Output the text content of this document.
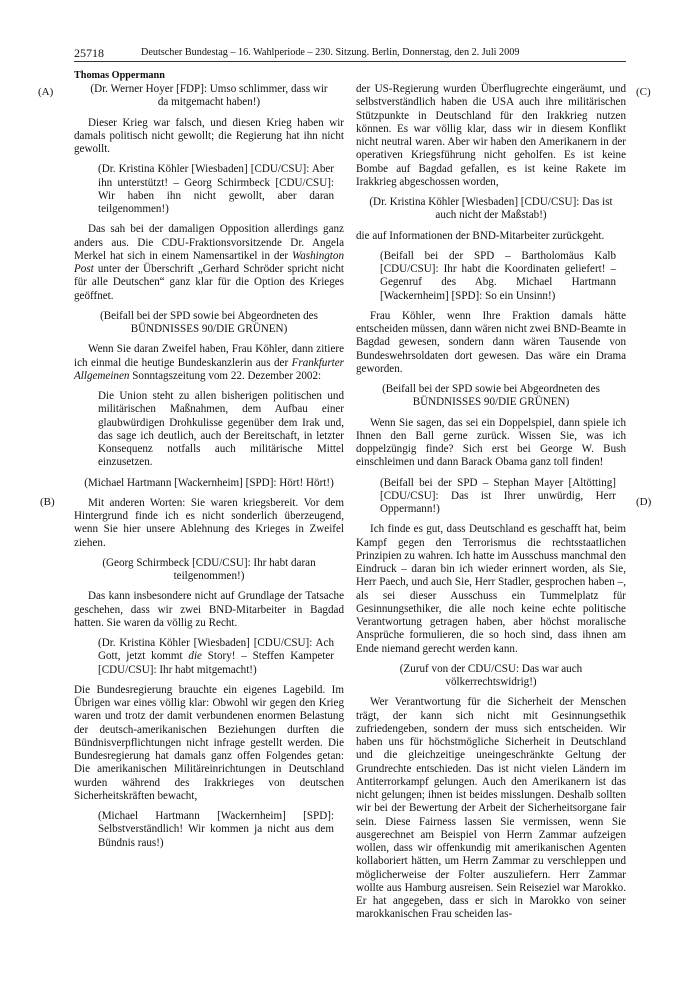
25718	Deutscher Bundestag – 16. Wahlperiode – 230. Sitzung. Berlin, Donnerstag, den 2. Juli 2009
Thomas Oppermann
(A)
(B)
(C)
(D)

(Dr. Werner Hoyer [FDP]: Umso schlimmer, dass wir da mitgemacht haben!)

Dieser Krieg war falsch, und diesen Krieg haben wir damals politisch nicht gewollt; die Regierung hat ihn nicht gewollt.

(Dr. Kristina Köhler [Wiesbaden] [CDU/CSU]: Aber ihn unterstützt! – Georg Schirmbeck [CDU/CSU]: Wir haben ihn nicht gewollt, aber daran teilgenommen!)

Das sah bei der damaligen Opposition allerdings ganz anders aus. Die CDU-Fraktionsvorsitzende Dr. Angela Merkel hat sich in einem Namensartikel in der Washington Post unter der Überschrift „Gerhard Schröder spricht nicht für alle Deutschen“ ganz klar für die Option des Krieges geöffnet.

(Beifall bei der SPD sowie bei Abgeordneten des BÜNDNISSES 90/DIE GRÜNEN)

Wenn Sie daran Zweifel haben, Frau Köhler, dann zitiere ich einmal die heutige Bundeskanzlerin aus der Frankfurter Allgemeinen Sonntagszeitung vom 22. Dezember 2002:

Die Union steht zu allen bisherigen politischen und militärischen Maßnahmen, dem Aufbau einer glaubwürdigen Drohkulisse gegenüber dem Irak und, das sage ich deutlich, auch der Bereitschaft, in letzter Konsequenz notfalls auch militärische Mittel einzusetzen.

(Michael Hartmann [Wackernheim] [SPD]: Hört! Hört!)

Mit anderen Worten: Sie waren kriegsbereit. Vor dem Hintergrund finde ich es nicht sonderlich überzeugend, wenn Sie hier unsere Ablehnung des Krieges in Zweifel ziehen.

(Georg Schirmbeck [CDU/CSU]: Ihr habt daran teilgenommen!)

Das kann insbesondere nicht auf Grundlage der Tatsache geschehen, dass wir zwei BND-Mitarbeiter in Bagdad hatten. Sie waren da völlig zu Recht.

(Dr. Kristina Köhler [Wiesbaden] [CDU/CSU]: Ach Gott, jetzt kommt die Story! – Steffen Kampeter [CDU/CSU]: Ihr habt mitgemacht!)

Die Bundesregierung brauchte ein eigenes Lagebild. Im Übrigen war eines völlig klar: Obwohl wir gegen den Krieg waren und trotz der damit verbundenen enormen Belastung der deutsch-amerikanischen Beziehungen durften die Bündnisverpflichtungen nicht infrage gestellt werden. Die Bundesregierung hat damals ganz offen Folgendes getan: Die amerikanischen Militäreinrichtungen in Deutschland wurden während des Irakkrieges von deutschen Sicherheitskräften bewacht,

(Michael Hartmann [Wackernheim] [SPD]: Selbstverständlich! Wir kommen ja nicht aus dem Bündnis raus!)

der US-Regierung wurden Überflugrechte eingeräumt, und selbstverständlich haben die USA auch ihre militärischen Stützpunkte in Deutschland für den Irakkrieg nutzen können. Es war völlig klar, dass wir in diesem Konflikt nicht neutral waren. Aber wir haben den Amerikanern in der operativen Kriegsführung nicht geholfen. Es ist keine Bombe auf Bagdad gefallen, es ist keine Rakete im Irakkrieg abgeschossen worden,

(Dr. Kristina Köhler [Wiesbaden] [CDU/CSU]: Das ist auch nicht der Maßstab!)

die auf Informationen der BND-Mitarbeiter zurückgeht.

(Beifall bei der SPD – Bartholomäus Kalb [CDU/CSU]: Ihr habt die Koordinaten geliefert! – Gegenruf des Abg. Michael Hartmann [Wackernheim] [SPD]: So ein Unsinn!)

Frau Köhler, wenn Ihre Fraktion damals hätte entscheiden müssen, dann wären nicht zwei BND-Beamte in Bagdad gewesen, sondern dann wären Tausende von Bundeswehrsoldaten dort gewesen. Das wäre ein Drama geworden.

(Beifall bei der SPD sowie bei Abgeordneten des BÜNDNISSES 90/DIE GRÜNEN)

Wenn Sie sagen, das sei ein Doppelspiel, dann spiele ich Ihnen den Ball gerne zurück. Wissen Sie, was ich doppelzüngig finde? Sich erst bei George W. Bush einschleimen und dann Barack Obama ganz toll finden!

(Beifall bei der SPD – Stephan Mayer [Altötting] [CDU/CSU]: Das ist Ihrer unwürdig, Herr Oppermann!)

Ich finde es gut, dass Deutschland es geschafft hat, beim Kampf gegen den Terrorismus die rechtsstaatlichen Prinzipien zu wahren. Ich hatte im Ausschuss manchmal den Eindruck – daran bin ich wieder erinnert worden, als Sie, Herr Paech, und auch Sie, Herr Stadler, gesprochen haben –, als sei dieser Ausschuss ein Tummelplatz für Gesinnungsethiker, die alle noch keine echte politische Verantwortung getragen haben, aber höchst moralische Ansprüche formulieren, die so hoch sind, dass ihnen am Ende niemand gerecht werden kann.

(Zuruf von der CDU/CSU: Das war auch völkerrechtswidrig!)

Wer Verantwortung für die Sicherheit der Menschen trägt, der kann sich nicht mit Gesinnungsethik zufriedengeben, sondern der muss sich entscheiden. Wir haben uns für höchstmögliche Sicherheit in Deutschland und die gleichzeitige uneingeschränkte Geltung der Grundrechte entschieden. Das ist nicht vielen Ländern im Antiterrorkampf gelungen. Auch den Amerikanern ist das nicht gelungen; ihnen ist beides misslungen. Deshalb sollten wir bei der Bewertung der Arbeit der Sicherheitsorgane fair sein. Diese Fairness lassen Sie vermissen, wenn Sie ausgerechnet am Beispiel von Herrn Zammar aufzeigen wollen, dass wir offenkundig mit amerikanischen Agenten kollaboriert hätten, um Herrn Zammar zu verschleppen und möglicherweise der Folter auszuliefern. Herr Zammar wollte aus Hamburg ausreisen. Sein Reiseziel war Marokko. Er hat angegeben, dass er sich in Marokko von seiner marokkanischen Frau scheiden las-
